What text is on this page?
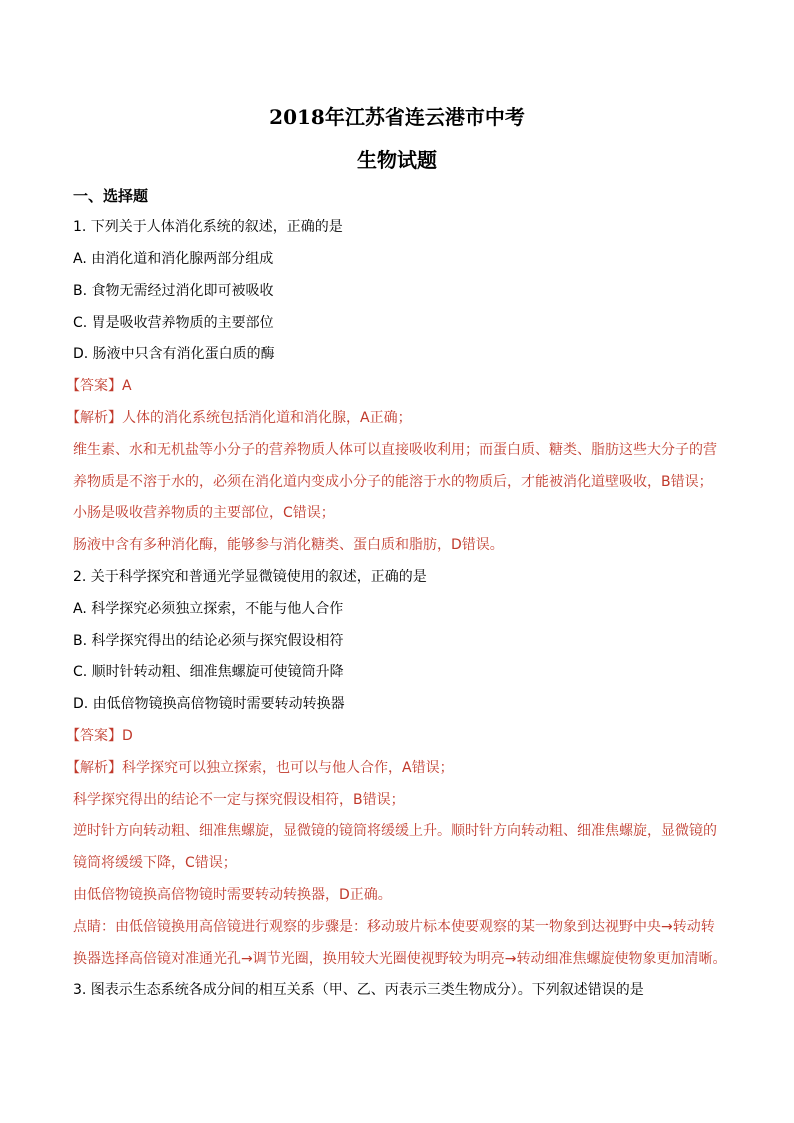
2018年江苏省连云港市中考
生物试题
一、选择题
1. 下列关于人体消化系统的叙述，正确的是
A. 由消化道和消化腺两部分组成
B. 食物无需经过消化即可被吸收
C. 胃是吸收营养物质的主要部位
D. 肠液中只含有消化蛋白质的酶
【答案】A
【解析】人体的消化系统包括消化道和消化腺，A正确；
维生素、水和无机盐等小分子的营养物质人体可以直接吸收利用；而蛋白质、糖类、脂肪这些大分子的营
养物质是不溶于水的，必须在消化道内变成小分子的能溶于水的物质后，才能被消化道壁吸收，B错误；
小肠是吸收营养物质的主要部位，C错误；
肠液中含有多种消化酶，能够参与消化糖类、蛋白质和脂肪，D错误。
2. 关于科学探究和普通光学显微镜使用的叙述，正确的是
A. 科学探究必须独立探索，不能与他人合作
B. 科学探究得出的结论必须与探究假设相符
C. 顺时针转动粗、细准焦螺旋可使镜筒升降
D. 由低倍物镜换高倍物镜时需要转动转换器
【答案】D
【解析】科学探究可以独立探索，也可以与他人合作，A错误；
科学探究得出的结论不一定与探究假设相符，B错误；
逆时针方向转动粗、细准焦螺旋，显微镜的镜筒将缓缓上升。顺时针方向转动粗、细准焦螺旋，显微镜的
镜筒将缓缓下降，C错误；
由低倍物镜换高倍物镜时需要转动转换器，D正确。
点睛：由低倍镜换用高倍镜进行观察的步骤是：移动玻片标本使要观察的某一物象到达视野中央→转动转
换器选择高倍镜对准通光孔→调节光圈，换用较大光圈使视野较为明亮→转动细准焦螺旋使物象更加清晰。
3. 图表示生态系统各成分间的相互关系（甲、乙、丙表示三类生物成分）。下列叙述错误的是
